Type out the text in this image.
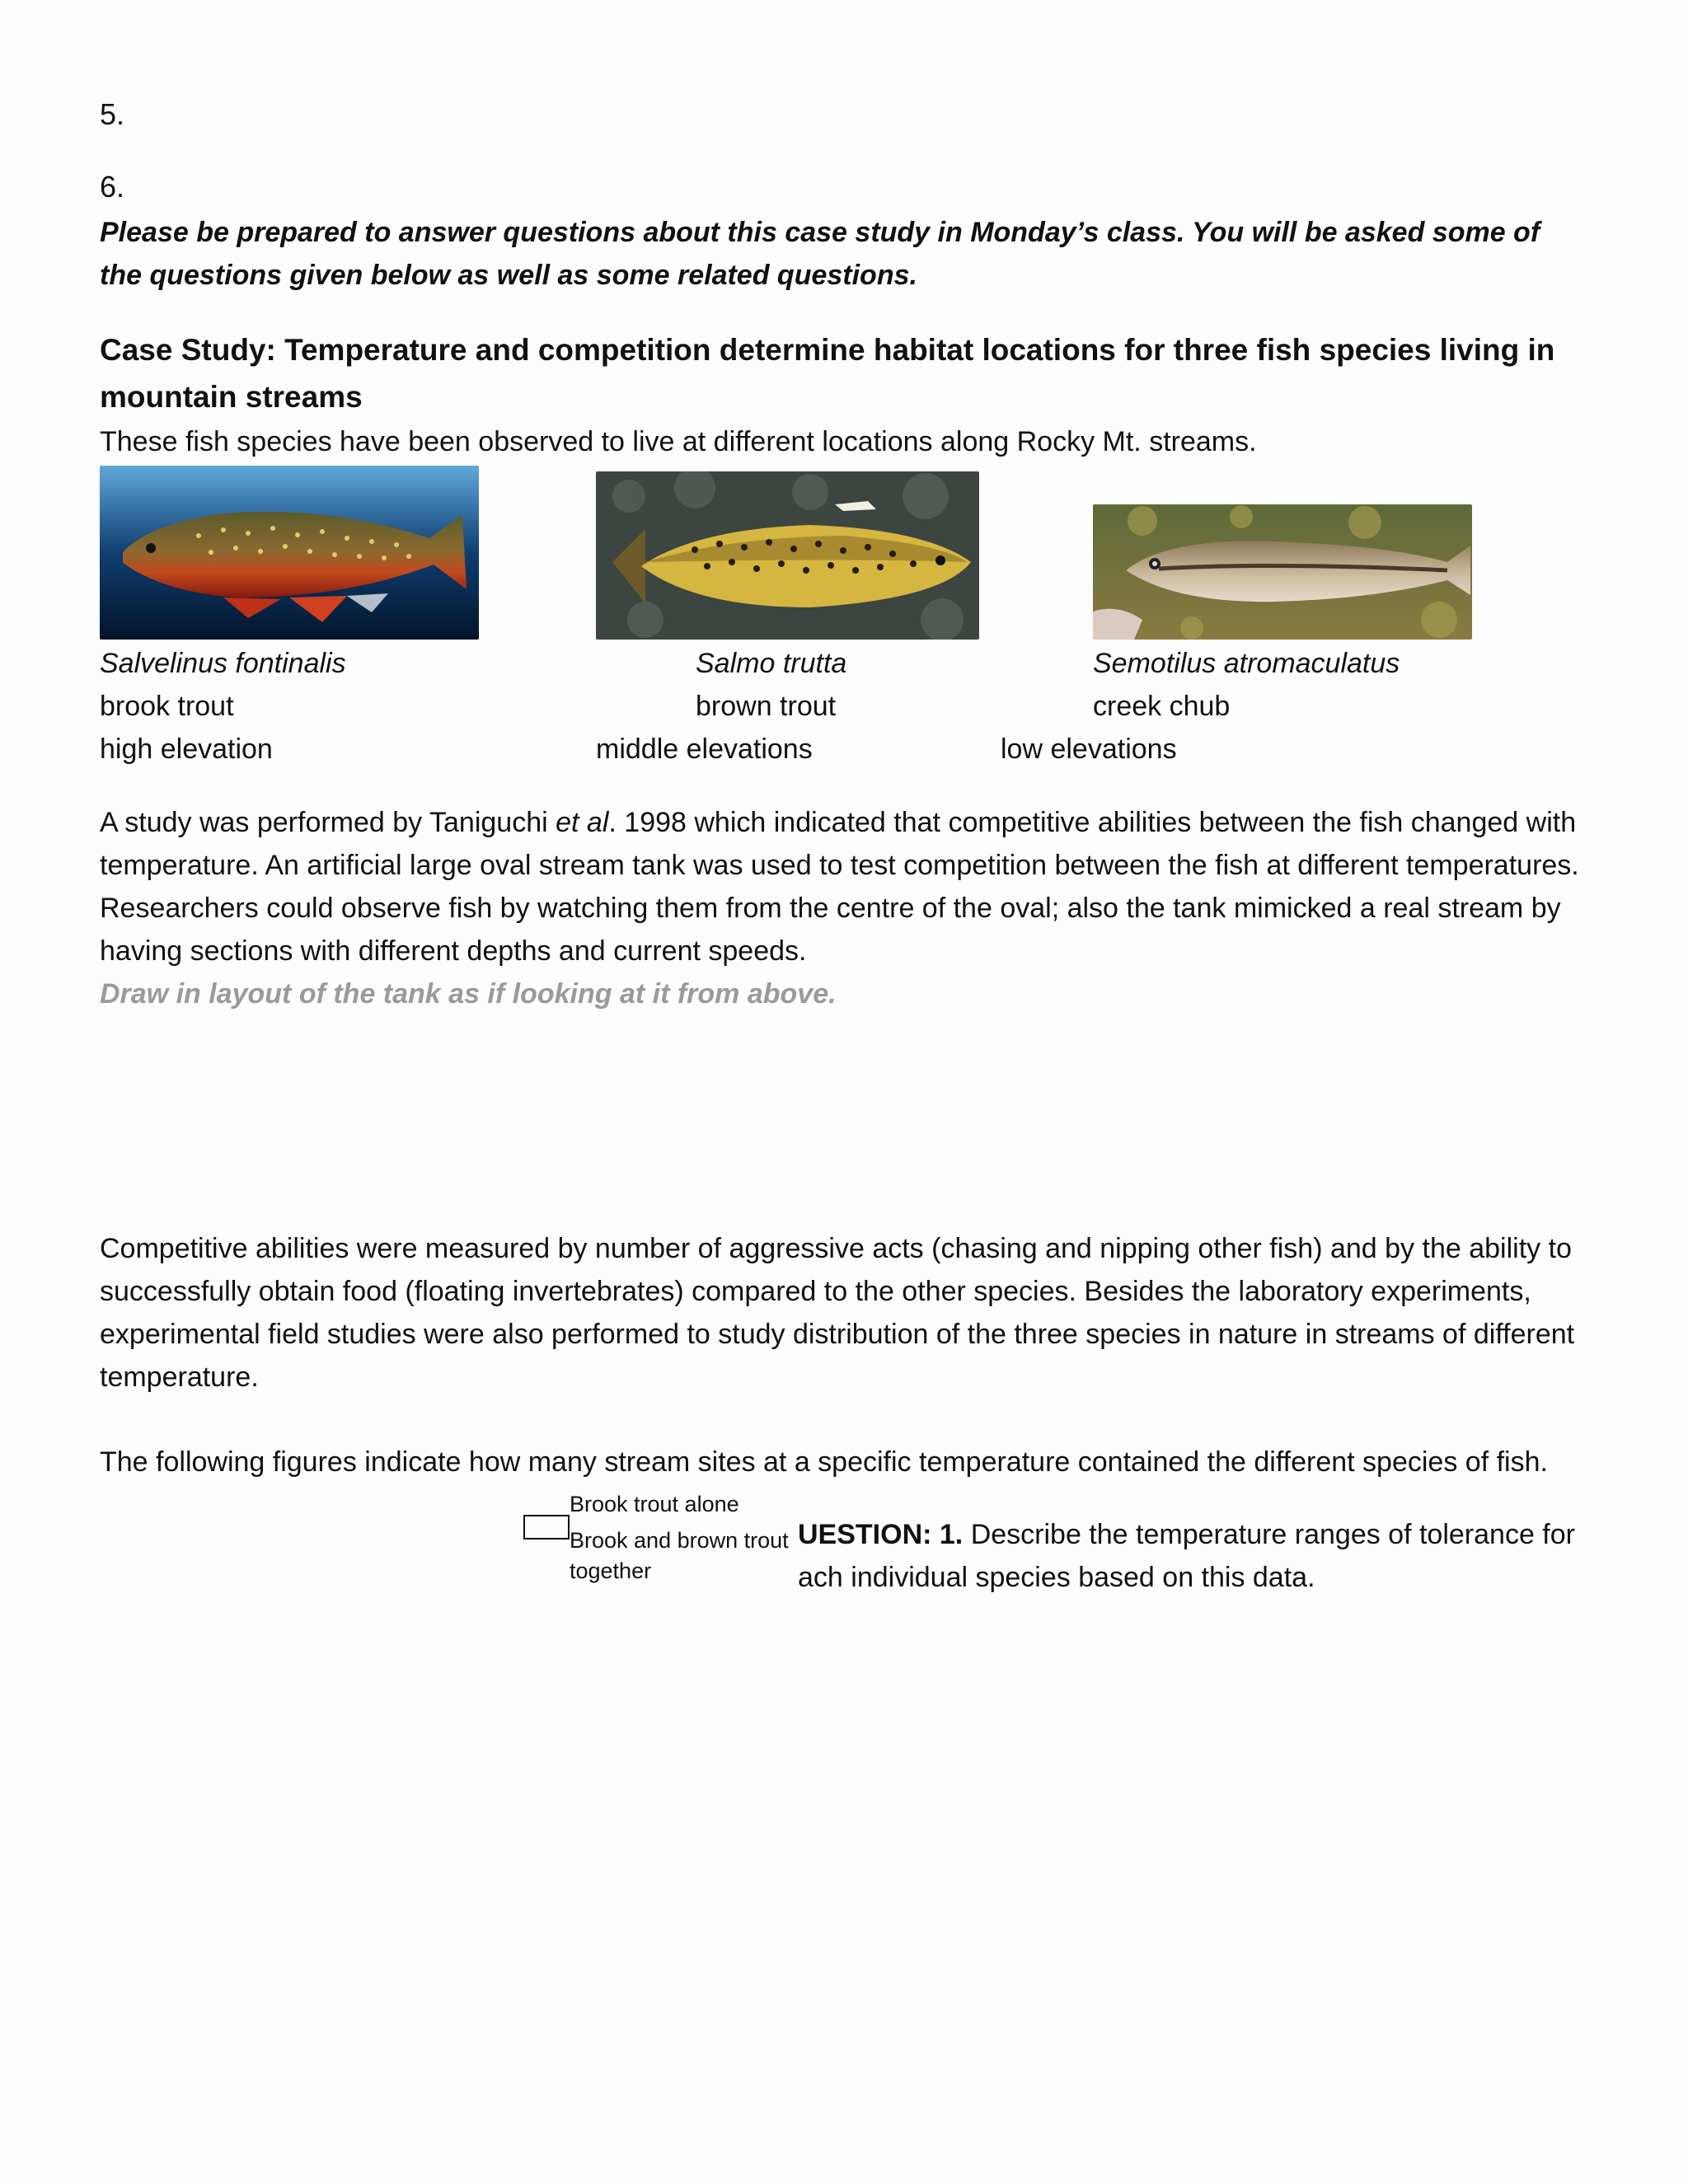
5.
6.
Please be prepared to answer questions about this case study in Monday’s class. You will be asked some of the questions given below as well as some related questions.
Case Study: Temperature and competition determine habitat locations for three fish species living in mountain streams
These fish species have been observed to live at different locations along Rocky Mt. streams.
Salvelinus fontinalis
brook trout
high elevation
Salmo trutta
brown trout
middle elevations
Semotilus atromaculatus
creek chub
low elevations
A study was performed by Taniguchi et al. 1998 which indicated that competitive abilities between the fish changed with temperature. An artificial large oval stream tank was used to test competition between the fish at different temperatures. Researchers could observe fish by watching them from the centre of the oval; also the tank mimicked a real stream by having sections with different depths and current speeds.
Draw in layout of the tank as if looking at it from above.
Competitive abilities were measured by number of aggressive acts (chasing and nipping other fish) and by the ability to successfully obtain food (floating invertebrates) compared to the other species. Besides the laboratory experiments, experimental field studies were also performed to study distribution of the three species in nature in streams of different temperature.
The following figures indicate how many stream sites at a specific temperature contained the different species of fish.
Brook trout alone
Brook and brown trout
together
UESTION: 1. Describe the temperature ranges of tolerance for
ach individual species based on this data.
